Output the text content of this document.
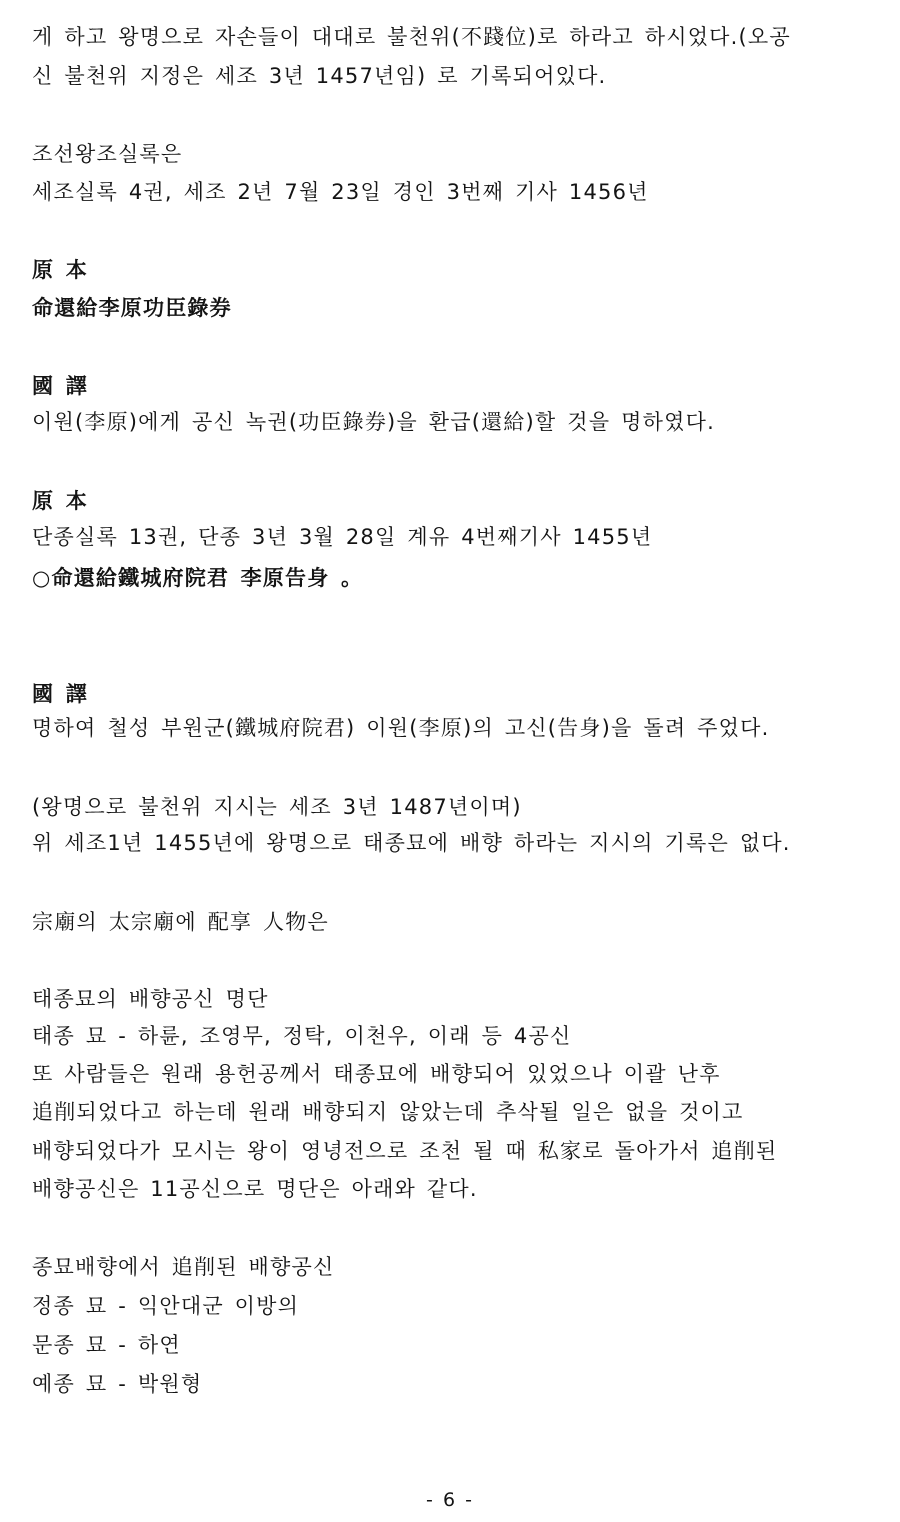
게 하고 왕명으로 자손들이 대대로 불천위(不踐位)로 하라고 하시었다.(오공
신 불천위 지정은 세조 3년 1457년임) 로 기록되어있다.
조선왕조실록은
세조실록 4권, 세조 2년 7월 23일 경인 3번째 기사 1456년
原 本
命還給李原功臣錄券
國 譯
이원(李原)에게 공신 녹권(功臣錄券)을 환급(還給)할 것을 명하였다.
原 本
단종실록 13권, 단종 3년 3월 28일 계유 4번째기사 1455년
○命還給鐵城府院君 李原告身 。
國 譯
명하여 철성 부원군(鐵城府院君) 이원(李原)의 고신(告身)을 돌려 주었다.
(왕명으로 불천위 지시는 세조 3년 1487년이며)
위 세조1년 1455년에 왕명으로 태종묘에 배향 하라는 지시의 기록은 없다.
宗廟의 太宗廟에 配享 人物은
태종묘의 배향공신 명단
태종 묘 - 하륜, 조영무, 정탁, 이천우, 이래 등 4공신
또 사람들은 원래 용헌공께서 태종묘에 배향되어 있었으나 이괄 난후
追削되었다고 하는데 원래 배향되지 않았는데 추삭될 일은 없을 것이고
배향되었다가 모시는 왕이 영녕전으로 조천 될 때 私家로 돌아가서 追削된
배향공신은 11공신으로 명단은 아래와 같다.
종묘배향에서 追削된 배향공신
정종 묘 - 익안대군 이방의
문종 묘 - 하연
예종 묘 - 박원형
- 6 -
